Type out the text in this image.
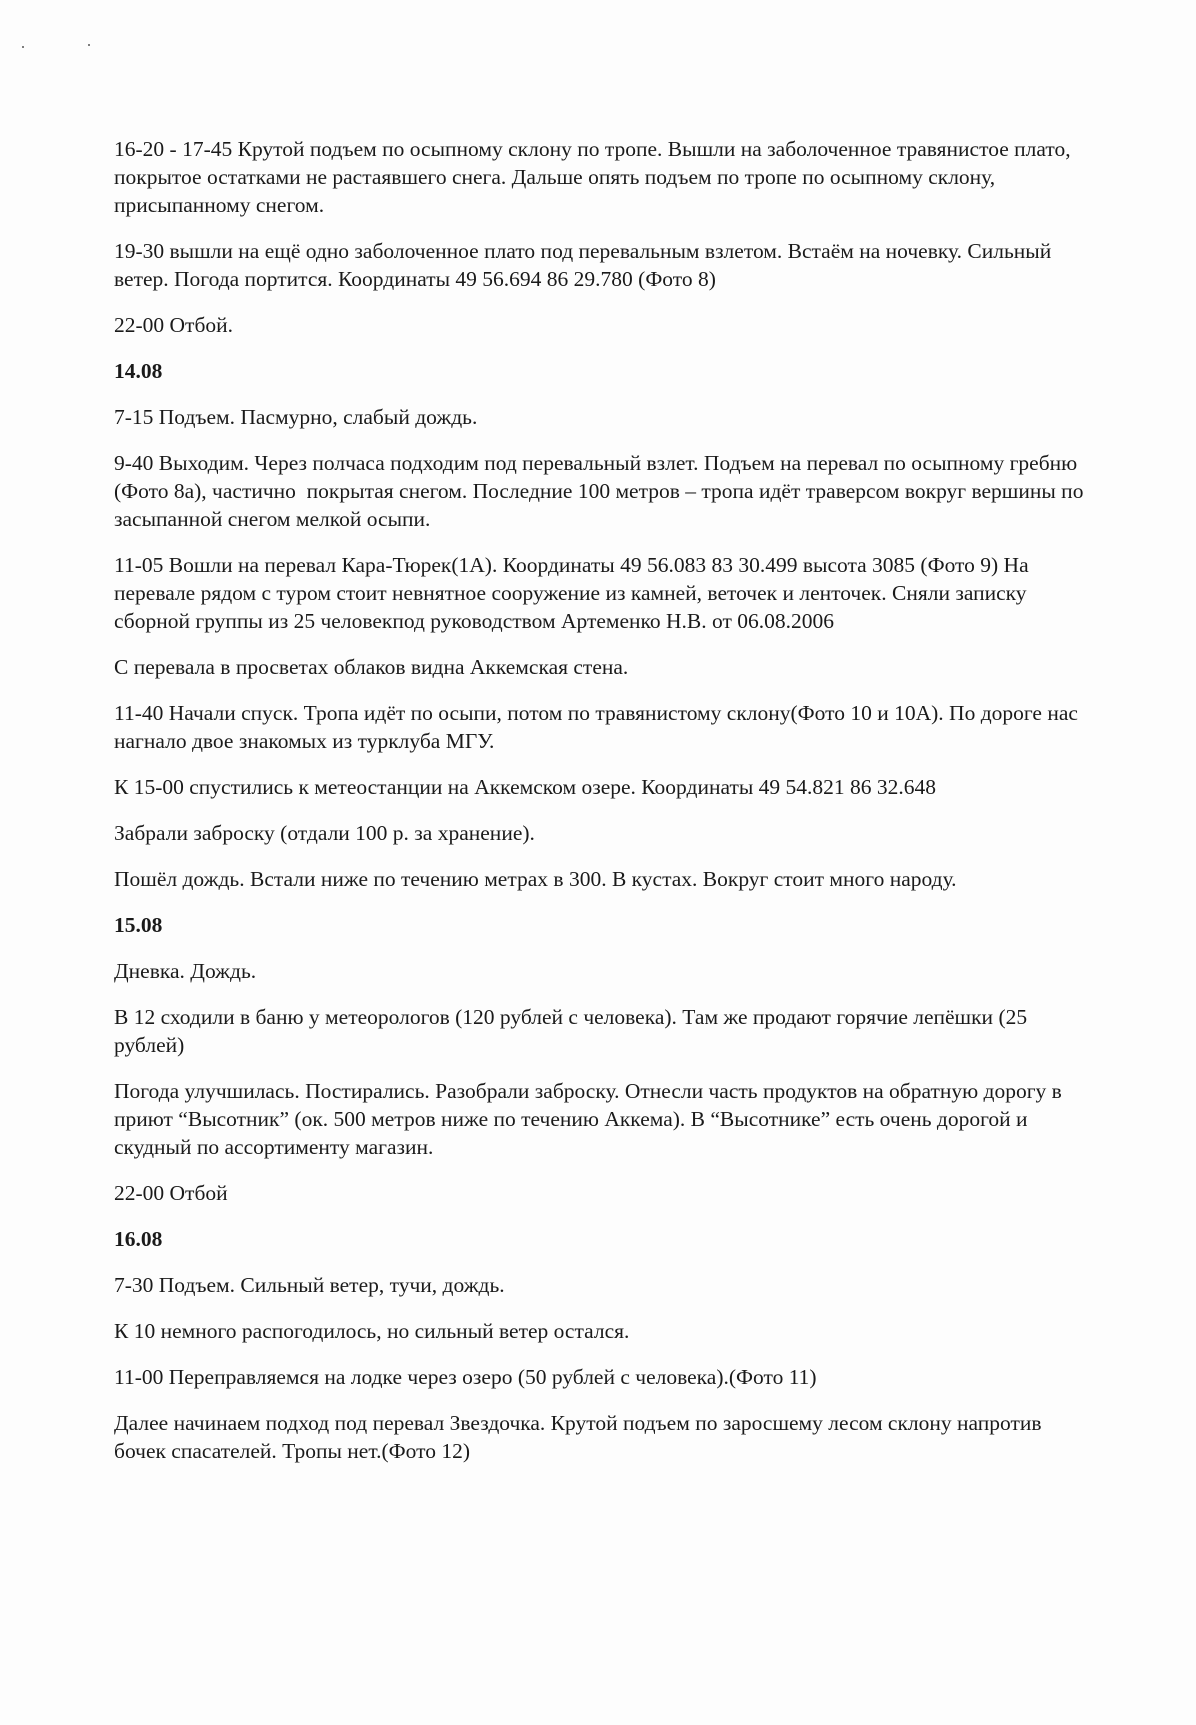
16-20 - 17-45 Крутой подъем по осыпному склону по тропе. Вышли на заболоченное травянистое плато, покрытое остатками не растаявшего снега. Дальше опять подъем по тропе по осыпному склону, присыпанному снегом.

19-30 вышли на ещё одно заболоченное плато под перевальным взлетом. Встаём на ночевку. Сильный ветер. Погода портится. Координаты 49 56.694 86 29.780 (Фото 8)

22-00 Отбой.

14.08

7-15 Подъем. Пасмурно, слабый дождь.

9-40 Выходим. Через полчаса подходим под перевальный взлет. Подъем на перевал по осыпному гребню (Фото 8а), частично  покрытая снегом. Последние 100 метров – тропа идёт траверсом вокруг вершины по засыпанной снегом мелкой осыпи.

11-05 Вошли на перевал Кара-Тюрек(1А). Координаты 49 56.083 83 30.499 высота 3085 (Фото 9) На перевале рядом с туром стоит невнятное сооружение из камней, веточек и ленточек. Сняли записку сборной группы из 25 человекпод руководством Артеменко Н.В. от 06.08.2006

С перевала в просветах облаков видна Аккемская стена.

11-40 Начали спуск. Тропа идёт по осыпи, потом по травянистому склону(Фото 10 и 10А). По дороге нас нагнало двое знакомых из турклуба МГУ.

К 15-00 спустились к метеостанции на Аккемском озере. Координаты 49 54.821 86 32.648

Забрали заброску (отдали 100 р. за хранение).

Пошёл дождь. Встали ниже по течению метрах в 300. В кустах. Вокруг стоит много народу.

15.08

Дневка. Дождь.

В 12 сходили в баню у метеорологов (120 рублей с человека). Там же продают горячие лепёшки (25 рублей)

Погода улучшилась. Постирались. Разобрали заброску. Отнесли часть продуктов на обратную дорогу в приют “Высотник” (ок. 500 метров ниже по течению Аккема). В “Высотнике” есть очень дорогой и скудный по ассортименту магазин.

22-00 Отбой

16.08

7-30 Подъем. Сильный ветер, тучи, дождь.

К 10 немного распогодилось, но сильный ветер остался.

11-00 Переправляемся на лодке через озеро (50 рублей с человека).(Фото 11)

Далее начинаем подход под перевал Звездочка. Крутой подъем по заросшему лесом склону напротив бочек спасателей. Тропы нет.(Фото 12)
